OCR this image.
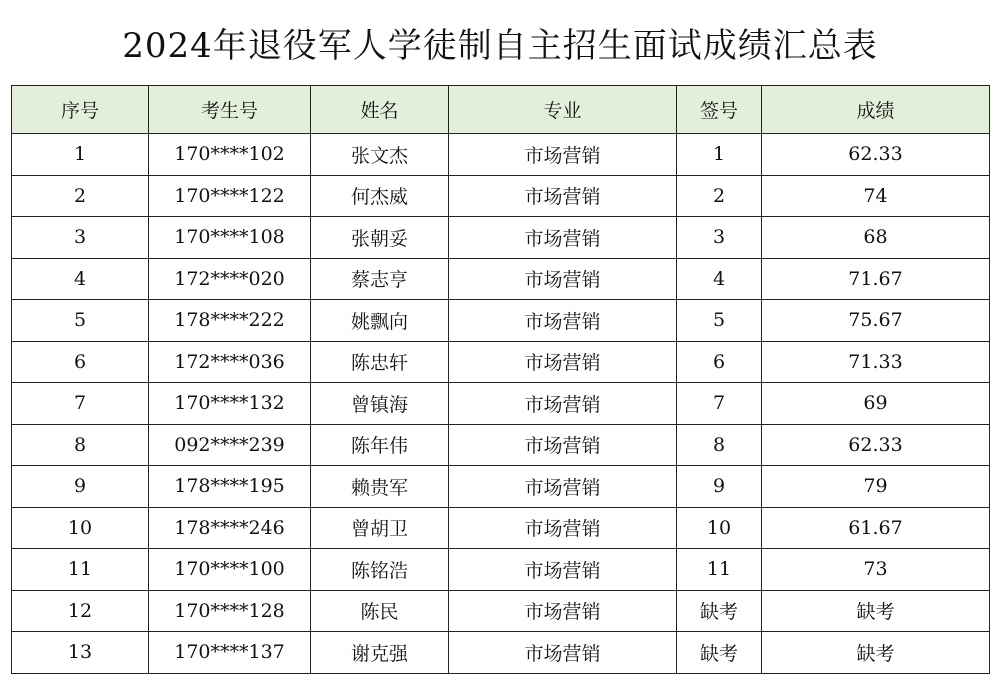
2024年退役军人学徒制自主招生面试成绩汇总表
序号	考生号	姓名	专业	签号	成绩
1	170****102	张文杰	市场营销	1	62.33
2	170****122	何杰威	市场营销	2	74
3	170****108	张朝妥	市场营销	3	68
4	172****020	蔡志亨	市场营销	4	71.67
5	178****222	姚飘向	市场营销	5	75.67
6	172****036	陈忠轩	市场营销	6	71.33
7	170****132	曾镇海	市场营销	7	69
8	092****239	陈年伟	市场营销	8	62.33
9	178****195	赖贵军	市场营销	9	79
10	178****246	曾胡卫	市场营销	10	61.67
11	170****100	陈铭浩	市场营销	11	73
12	170****128	陈民	市场营销	缺考	缺考
13	170****137	谢克强	市场营销	缺考	缺考
